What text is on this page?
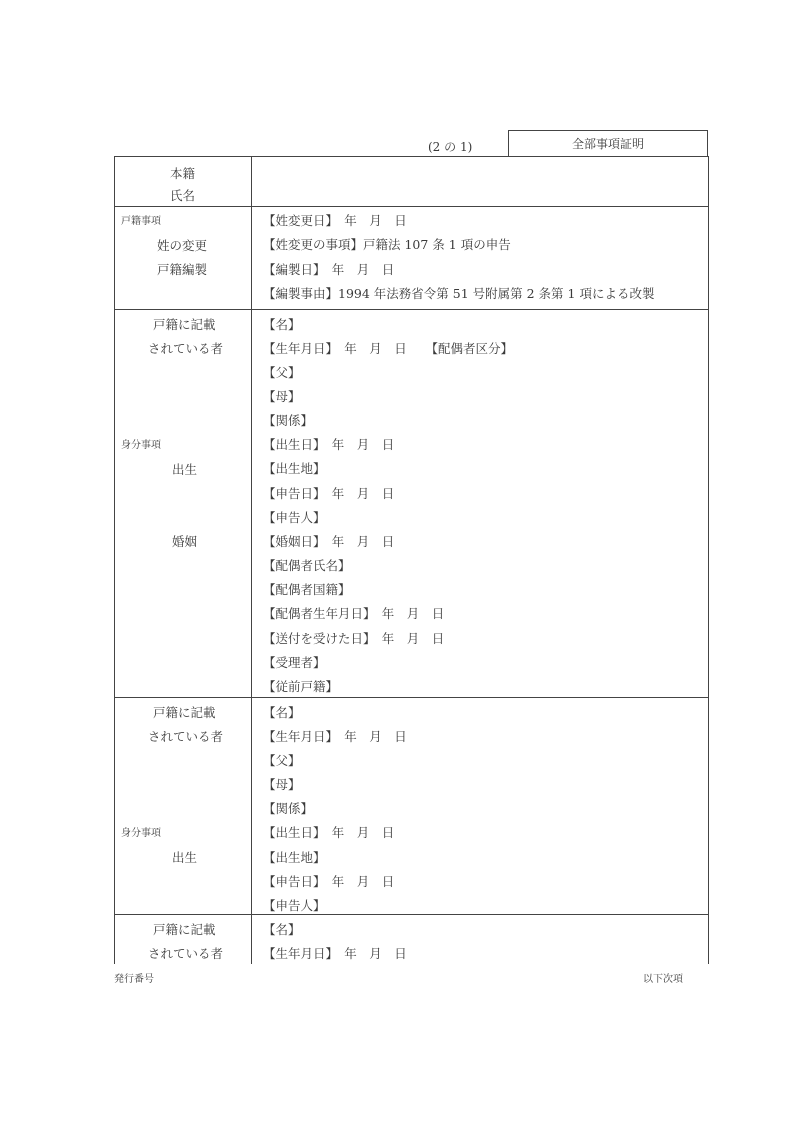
(2 の 1)	全部事項証明
本籍
氏名
戸籍事項
姓の変更
戸籍編製
【姓変更日】　年　月　日
【姓変更の事項】戸籍法 107 条 1 項の申告
【編製日】　年　月　日
【編製事由】1994 年法務省令第 51 号附属第 2 条第 1 項による改製
戸籍に記載
されている者
身分事項
出生
婚姻
【名】
【生年月日】　年　月　日　　【配偶者区分】
【父】
【母】
【関係】
【出生日】　年　月　日
【出生地】
【申告日】　年　月　日
【申告人】
【婚姻日】　年　月　日
【配偶者氏名】
【配偶者国籍】
【配偶者生年月日】　年　月　日
【送付を受けた日】　年　月　日
【受理者】
【従前戸籍】
戸籍に記載
されている者
身分事項
出生
【名】
【生年月日】　年　月　日
【父】
【母】
【関係】
【出生日】　年　月　日
【出生地】
【申告日】　年　月　日
【申告人】
戸籍に記載
されている者
【名】
【生年月日】　年　月　日
発行番号	以下次項
